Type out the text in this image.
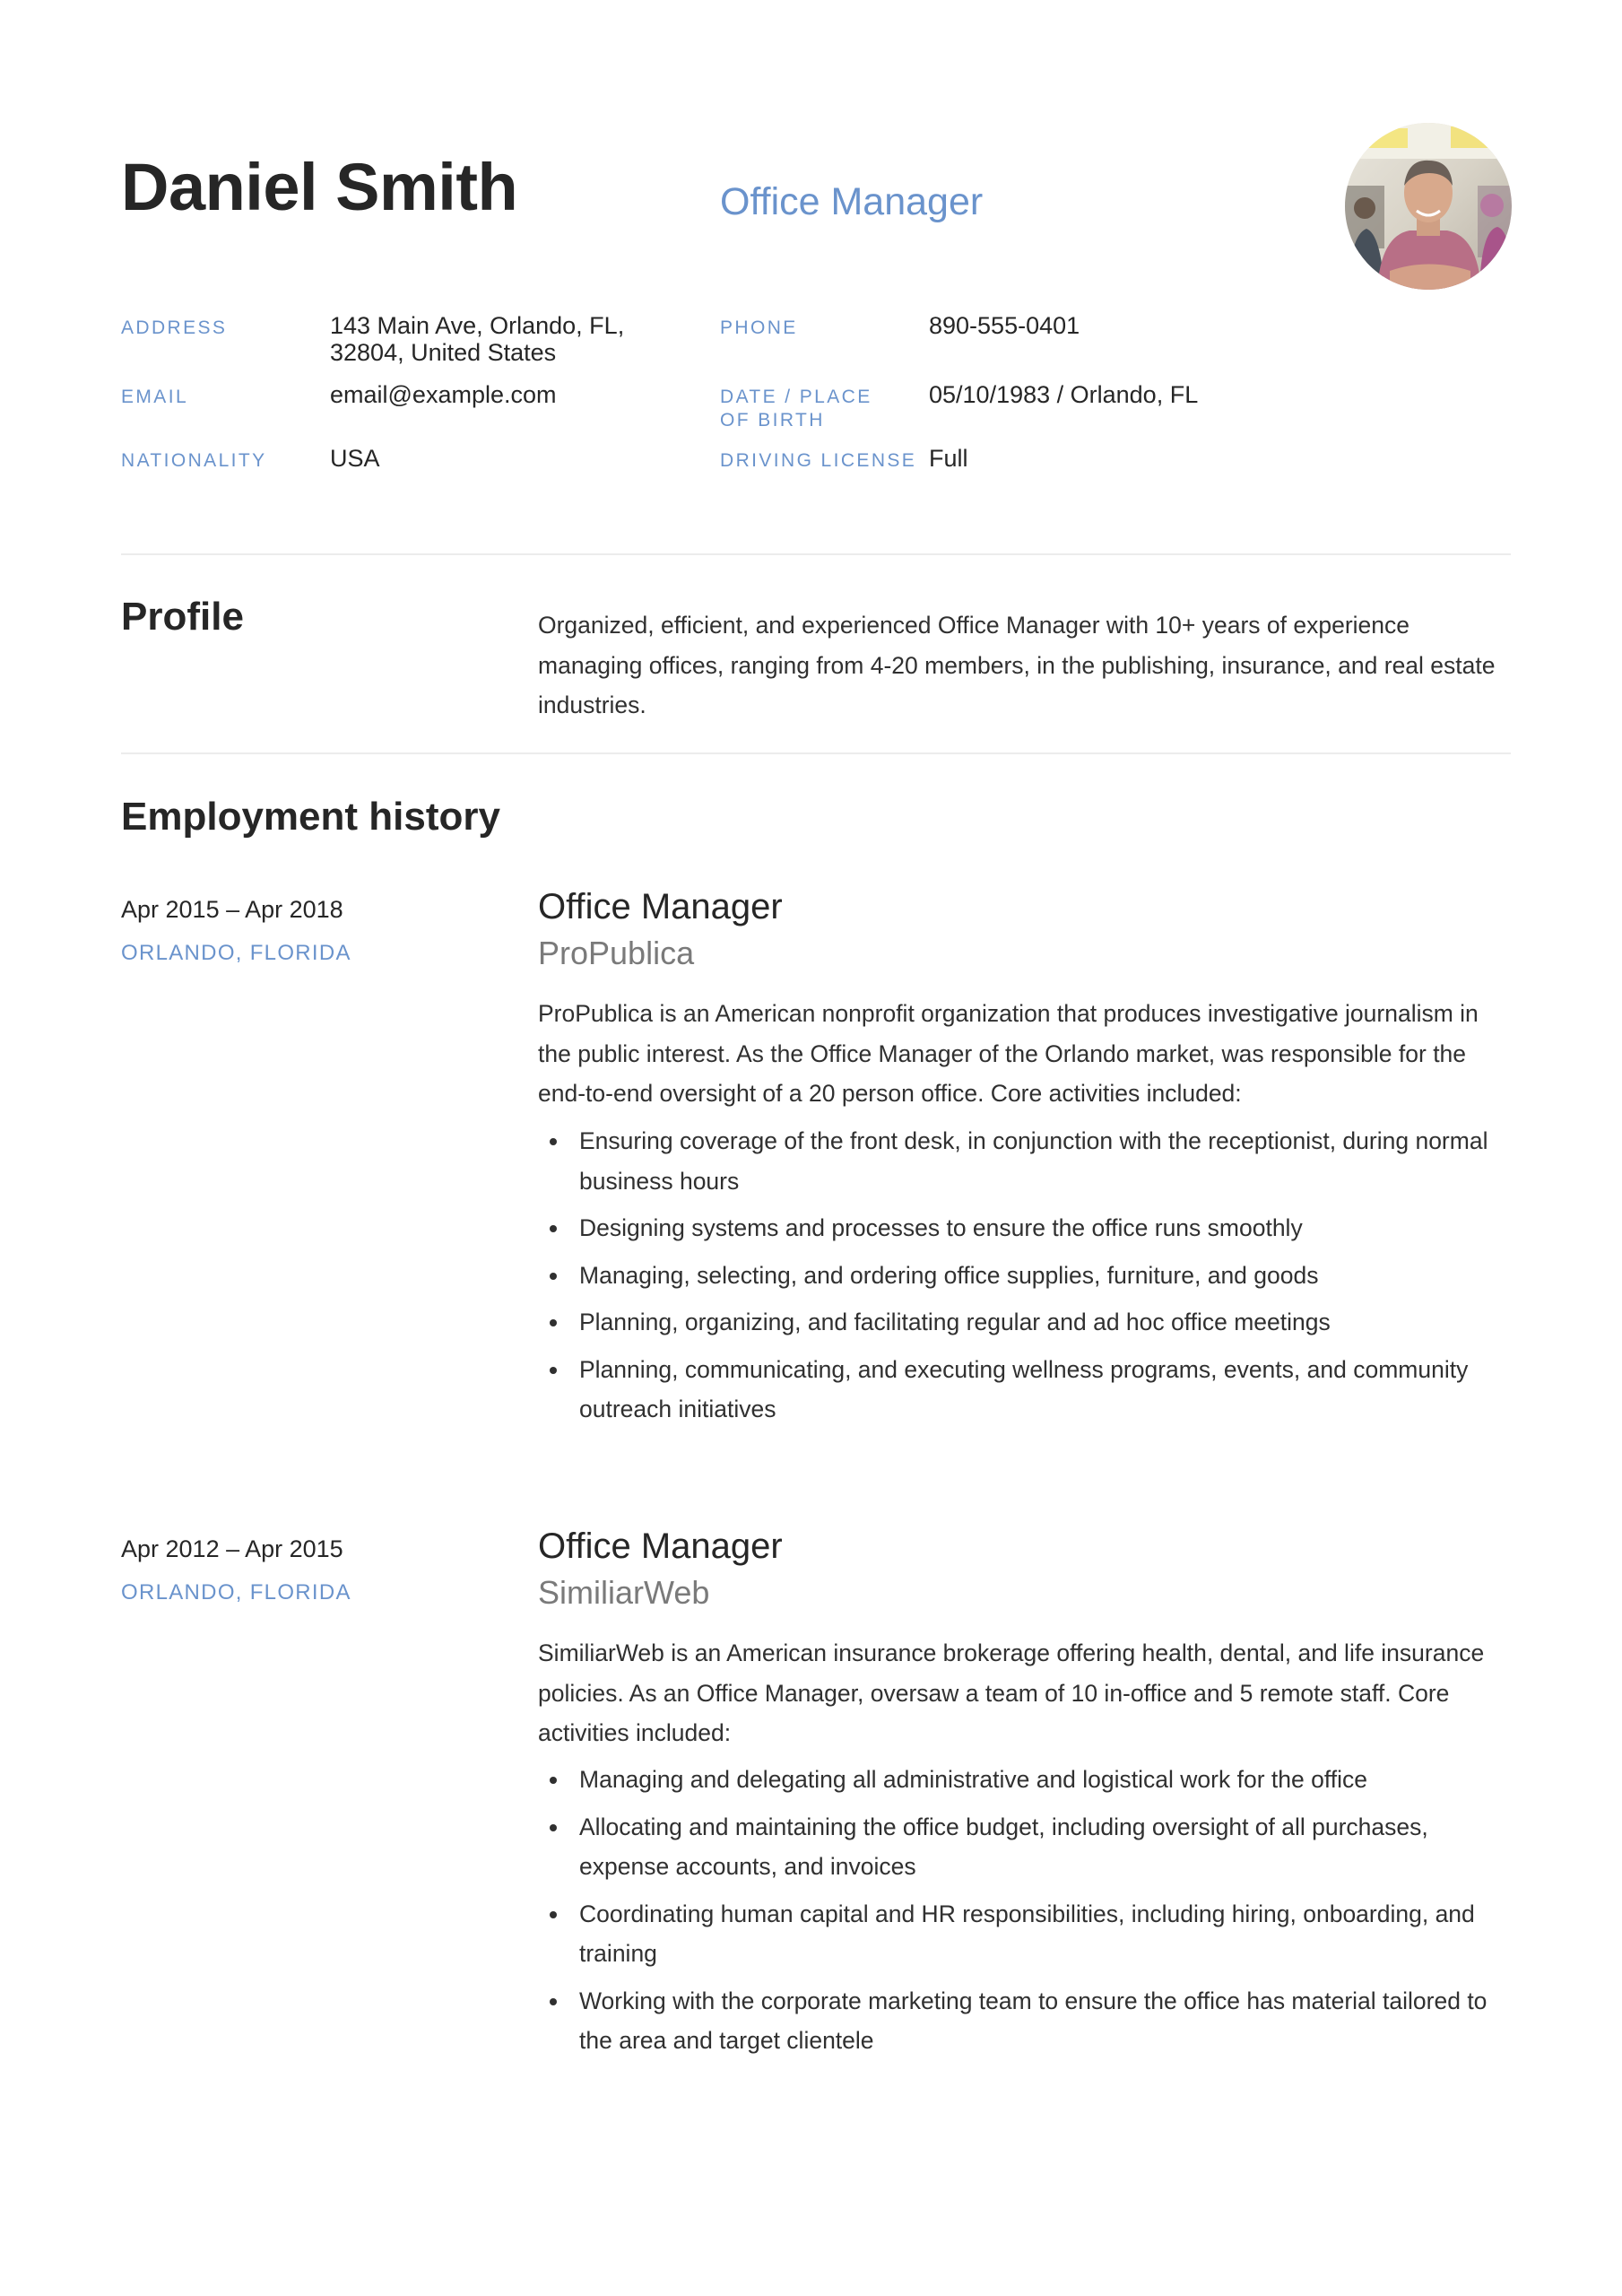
Daniel Smith	Office Manager
ADDRESS	143 Main Ave, Orlando, FL, 32804, United States
PHONE	890-555-0401
EMAIL	email@example.com	DATE / PLACE OF BIRTH
05/10/1983 / Orlando, FL
NATIONALITY	USA	DRIVING LICENSE Full
Profile	Organized, efficient, and experienced Office Manager with 10+ years of experience managing offices, ranging from 4-20 members, in the publishing, insurance, and real estate industries.
Employment history
Apr 2015 – Apr 2018
ORLANDO, FLORIDA
Office Manager
ProPublica
ProPublica is an American nonprofit organization that produces investigative journalism in the public interest. As the Office Manager of the Orlando market, was responsible for the end-to-end oversight of a 20 person office. Core activities included:
Ensuring coverage of the front desk, in conjunction with the receptionist, during normal business hours
Designing systems and processes to ensure the office runs smoothly
Managing, selecting, and ordering office supplies, furniture, and goods
Planning, organizing, and facilitating regular and ad hoc office meetings
Planning, communicating, and executing wellness programs, events, and community outreach initiatives
Apr 2012 – Apr 2015
ORLANDO, FLORIDA
Office Manager
SimiliarWeb
SimiliarWeb is an American insurance brokerage offering health, dental, and life insurance policies. As an Office Manager, oversaw a team of 10 in-office and 5 remote staff. Core activities included:
Managing and delegating all administrative and logistical work for the office
Allocating and maintaining the office budget, including oversight of all purchases, expense accounts, and invoices
Coordinating human capital and HR responsibilities, including hiring, onboarding, and training
Working with the corporate marketing team to ensure the office has material tailored to the area and target clientele
